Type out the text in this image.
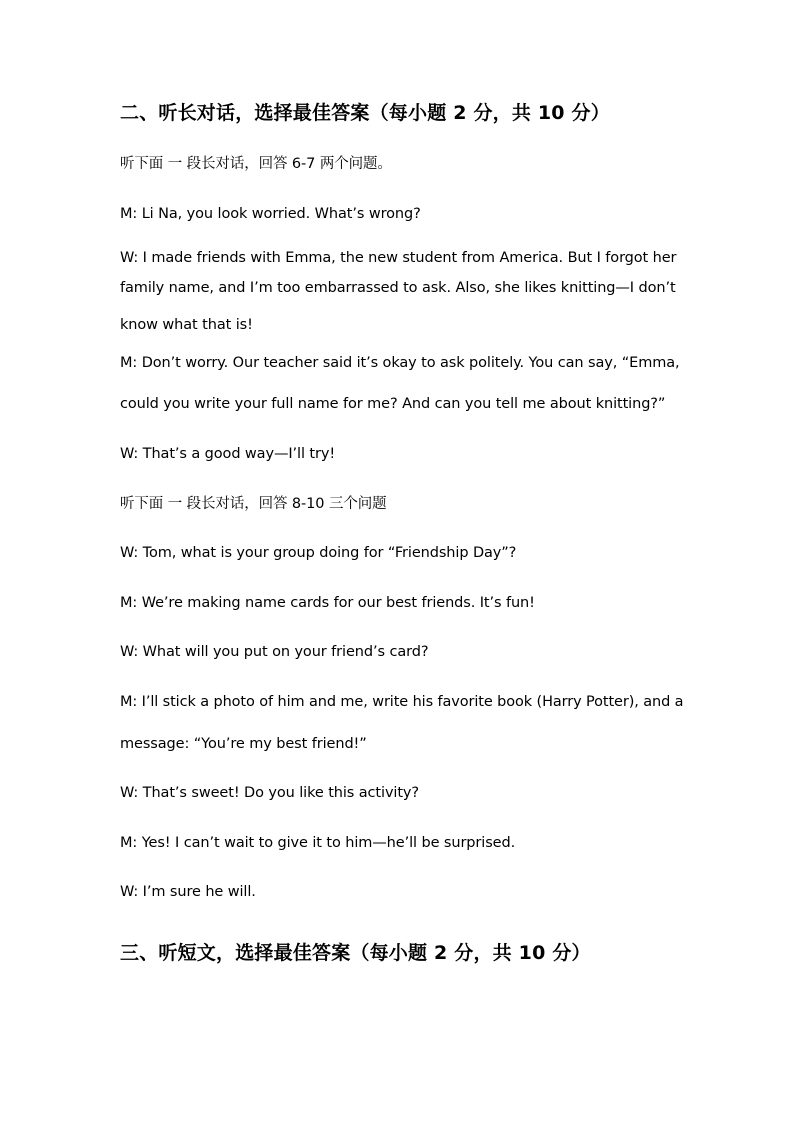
二、听长对话，选择最佳答案（每小题 2 分，共 10 分）
听下面 一 段长对话，回答 6-7 两个问题。
M: Li Na, you look worried. What’s wrong?
W: I made friends with Emma, the new student from America. But I forgot her
family name, and I’m too embarrassed to ask. Also, she likes knitting—I don’t
know what that is!
M: Don’t worry. Our teacher said it’s okay to ask politely. You can say, “Emma,
could you write your full name for me? And can you tell me about knitting?”
W: That’s a good way—I’ll try!
听下面 一 段长对话，回答 8-10 三个问题
W: Tom, what is your group doing for “Friendship Day”?
M: We’re making name cards for our best friends. It’s fun!
W: What will you put on your friend’s card?
M: I’ll stick a photo of him and me, write his favorite book (Harry Potter), and a
message: “You’re my best friend!”
W: That’s sweet! Do you like this activity?
M: Yes! I can’t wait to give it to him—he’ll be surprised.
W: I’m sure he will.
三、听短文，选择最佳答案（每小题 2 分，共 10 分）
